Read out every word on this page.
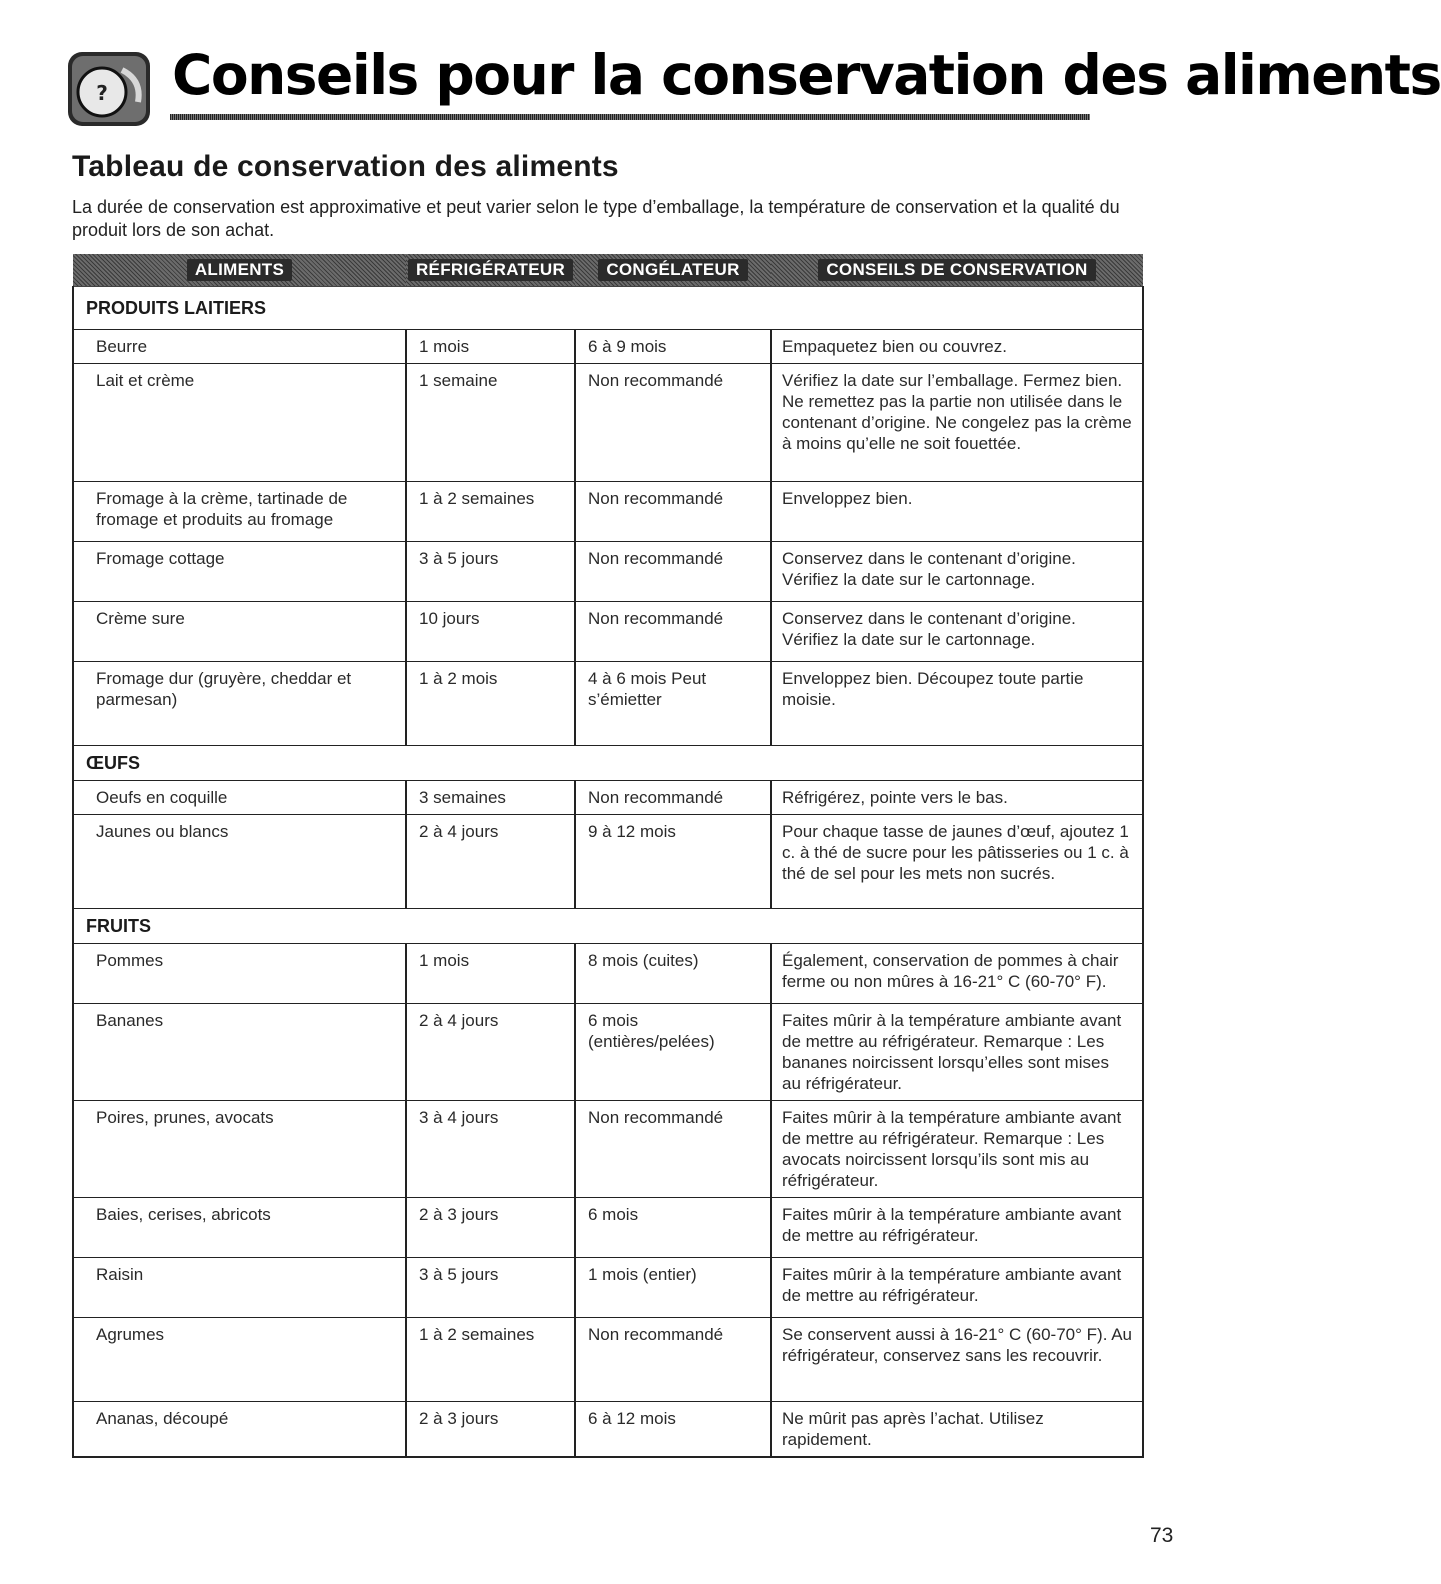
? Conseils pour la conservation des aliments
Tableau de conservation des aliments

La durée de conservation est approximative et peut varier selon le type d’emballage, la température de conservation et la qualité du produit lors de son achat.

ALIMENTS	RÉFRIGÉRATEUR	CONGÉLATEUR	CONSEILS DE CONSERVATION
PRODUITS LAITIERS			
Beurre	1 mois	6 à 9 mois	Empaquetez bien ou couvrez.
Lait et crème	1 semaine	Non recommandé	Vérifiez la date sur l’emballage. Fermez bien. Ne remettez pas la partie non utilisée dans le contenant d’origine. Ne congelez pas la crème à moins qu’elle ne soit fouettée.
Fromage à la crème, tartinade de fromage et produits au fromage	1 à 2 semaines	Non recommandé	Enveloppez bien.
Fromage cottage	3 à 5 jours	Non recommandé	Conservez dans le contenant d’origine. Vérifiez la date sur le cartonnage.
Crème sure	10 jours	Non recommandé	Conservez dans le contenant d’origine. Vérifiez la date sur le cartonnage.
Fromage dur (gruyère, cheddar et parmesan)	1 à 2 mois	4 à 6 mois Peut s’émietter	Enveloppez bien. Découpez toute partie moisie.
ŒUFS			
Oeufs en coquille	3 semaines	Non recommandé	Réfrigérez, pointe vers le bas.
Jaunes ou blancs	2 à 4 jours	9 à 12 mois	Pour chaque tasse de jaunes d’œuf, ajoutez 1 c. à thé de sucre pour les pâtisseries ou 1 c. à thé de sel pour les mets non sucrés.
FRUITS			
Pommes	1 mois	8 mois (cuites)	Également, conservation de pommes à chair ferme ou non mûres à 16-21° C (60-70° F).
Bananes	2 à 4 jours	6 mois (entières/pelées)	Faites mûrir à la température ambiante avant de mettre au réfrigérateur. Remarque : Les bananes noircissent lorsqu’elles sont mises au réfrigérateur.
Poires, prunes, avocats	3 à 4 jours	Non recommandé	Faites mûrir à la température ambiante avant de mettre au réfrigérateur. Remarque : Les avocats noircissent lorsqu’ils sont mis au réfrigérateur.
Baies, cerises, abricots	2 à 3 jours	6 mois	Faites mûrir à la température ambiante avant de mettre au réfrigérateur.
Raisin	3 à 5 jours	1 mois (entier)	Faites mûrir à la température ambiante avant de mettre au réfrigérateur.
Agrumes	1 à 2 semaines	Non recommandé	Se conservent aussi à 16-21° C (60-70° F). Au réfrigérateur, conservez sans les recouvrir.
Ananas, découpé	2 à 3 jours	6 à 12 mois	Ne mûrit pas après l’achat. Utilisez rapidement.

73
